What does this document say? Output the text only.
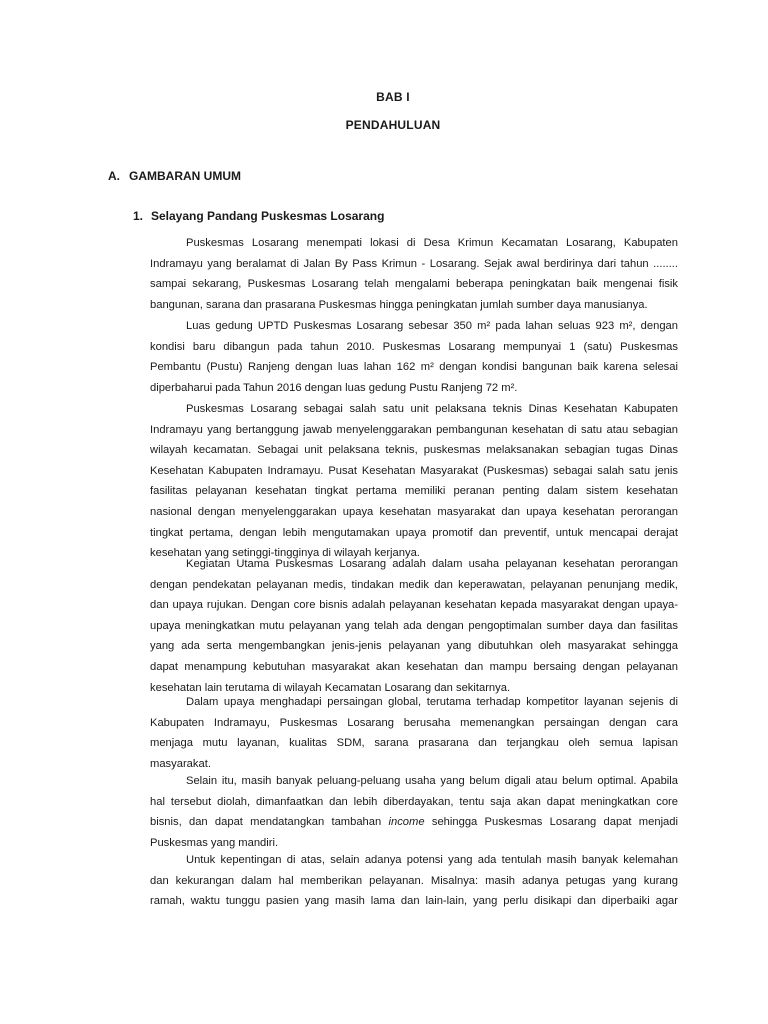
BAB I
PENDAHULUAN
A. GAMBARAN UMUM
1. Selayang Pandang Puskesmas Losarang
Puskesmas Losarang menempati lokasi di Desa Krimun Kecamatan Losarang, Kabupaten
Indramayu yang beralamat di Jalan By Pass Krimun - Losarang. Sejak awal berdirinya dari tahun ........
sampai sekarang, Puskesmas Losarang telah mengalami beberapa peningkatan baik mengenai fisik
bangunan, sarana dan prasarana Puskesmas hingga peningkatan jumlah sumber daya manusianya.
Luas gedung UPTD Puskesmas Losarang sebesar 350 m² pada lahan seluas 923 m², dengan
kondisi baru dibangun pada tahun 2010. Puskesmas Losarang mempunyai 1 (satu) Puskesmas
Pembantu (Pustu) Ranjeng dengan luas lahan 162 m² dengan kondisi bangunan baik karena selesai
diperbaharui pada Tahun 2016 dengan luas gedung Pustu Ranjeng 72 m².
Puskesmas Losarang sebagai salah satu unit pelaksana teknis Dinas Kesehatan Kabupaten
Indramayu yang bertanggung jawab menyelenggarakan pembangunan kesehatan di satu atau sebagian
wilayah kecamatan. Sebagai unit pelaksana teknis, puskesmas melaksanakan sebagian tugas Dinas
Kesehatan Kabupaten Indramayu. Pusat Kesehatan Masyarakat (Puskesmas) sebagai salah satu jenis
fasilitas pelayanan kesehatan tingkat pertama memiliki peranan penting dalam sistem kesehatan
nasional dengan menyelenggarakan upaya kesehatan masyarakat dan upaya kesehatan perorangan
tingkat pertama, dengan lebih mengutamakan upaya promotif dan preventif, untuk mencapai derajat
kesehatan yang setinggi-tingginya di wilayah kerjanya.
Kegiatan Utama Puskesmas Losarang adalah dalam usaha pelayanan kesehatan perorangan
dengan pendekatan pelayanan medis, tindakan medik dan keperawatan, pelayanan penunjang medik,
dan upaya rujukan. Dengan core bisnis adalah pelayanan kesehatan kepada masyarakat dengan upaya-
upaya meningkatkan mutu pelayanan yang telah ada dengan pengoptimalan sumber daya dan fasilitas
yang ada serta mengembangkan jenis-jenis pelayanan yang dibutuhkan oleh masyarakat sehingga
dapat menampung kebutuhan masyarakat akan kesehatan dan mampu bersaing dengan pelayanan
kesehatan lain terutama di wilayah Kecamatan Losarang dan sekitarnya.
Dalam upaya menghadapi persaingan global, terutama terhadap kompetitor layanan sejenis di
Kabupaten Indramayu, Puskesmas Losarang berusaha memenangkan persaingan dengan cara
menjaga mutu layanan, kualitas SDM, sarana prasarana dan terjangkau oleh semua lapisan
masyarakat.
Selain itu, masih banyak peluang-peluang usaha yang belum digali atau belum optimal. Apabila
hal tersebut diolah, dimanfaatkan dan lebih diberdayakan, tentu saja akan dapat meningkatkan core
bisnis, dan dapat mendatangkan tambahan income sehingga Puskesmas Losarang dapat menjadi
Puskesmas yang mandiri.
Untuk kepentingan di atas, selain adanya potensi yang ada tentulah masih banyak kelemahan
dan kekurangan dalam hal memberikan pelayanan. Misalnya: masih adanya petugas yang kurang
ramah, waktu tunggu pasien yang masih lama dan lain-lain, yang perlu disikapi dan diperbaiki agar
